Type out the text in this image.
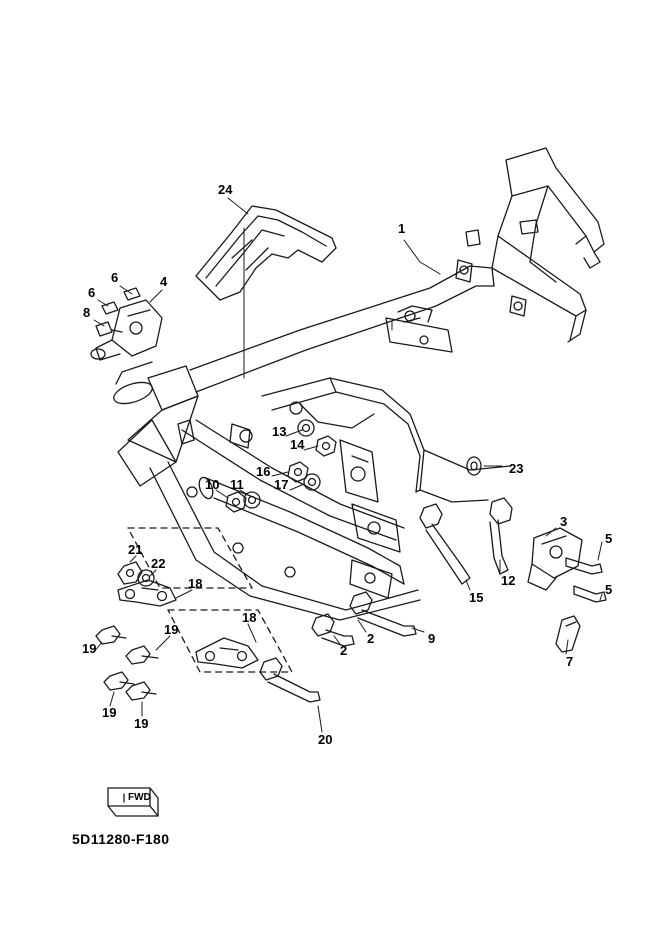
1
24
6
6
4
8
13
14
16
17
10 11
23
3
5
5
7
12
15
9
2
2
21
22
18
18
19
19
19
19
20
FWD
5D11280-F180
